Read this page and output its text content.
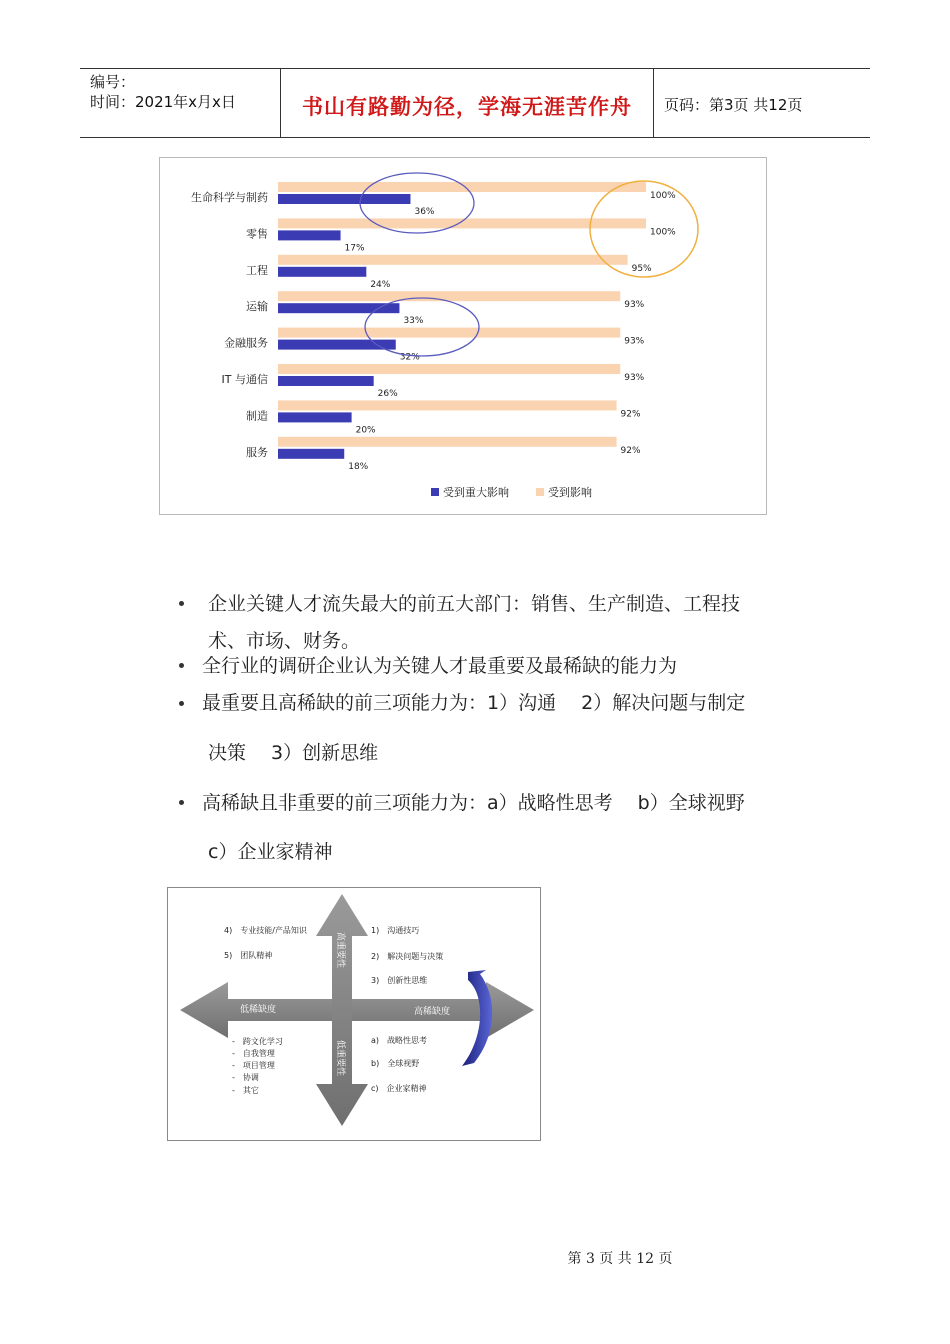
编号：
时间：2021年x月x日	书山有路勤为径，学海无涯苦作舟	页码：第3页 共12页
生命科学与制药	100%
36%
零售	100%
17%
工程	95%
24%
运输	93%
33%
金融服务	93%
32%
IT 与通信	93%
26%
制造	92%
20%
服务	92%
18%
受到重大影响	受到影响
企业关键人才流失最大的前五大部门：销售、生产制造、工程技
术、市场、财务。
全行业的调研企业认为关键人才最重要及最稀缺的能力为
最重要且高稀缺的前三项能力为：1）沟通　 2）解决问题与制定
决策　 3）创新思维
高稀缺且非重要的前三项能力为：a）战略性思考　 b）全球视野
c）企业家精神
低稀缺度	高稀缺度
高重要性
低重要性
4)　专业技能/产品知识
5)　团队精神
1)　沟通技巧
2)　解决问题与决策
3)　创新性思维
-　跨文化学习
-　自我管理
-　项目管理
-　协调
-　其它
a)　战略性思考
b)　全球视野
c)　企业家精神
第 3 页 共 12 页
